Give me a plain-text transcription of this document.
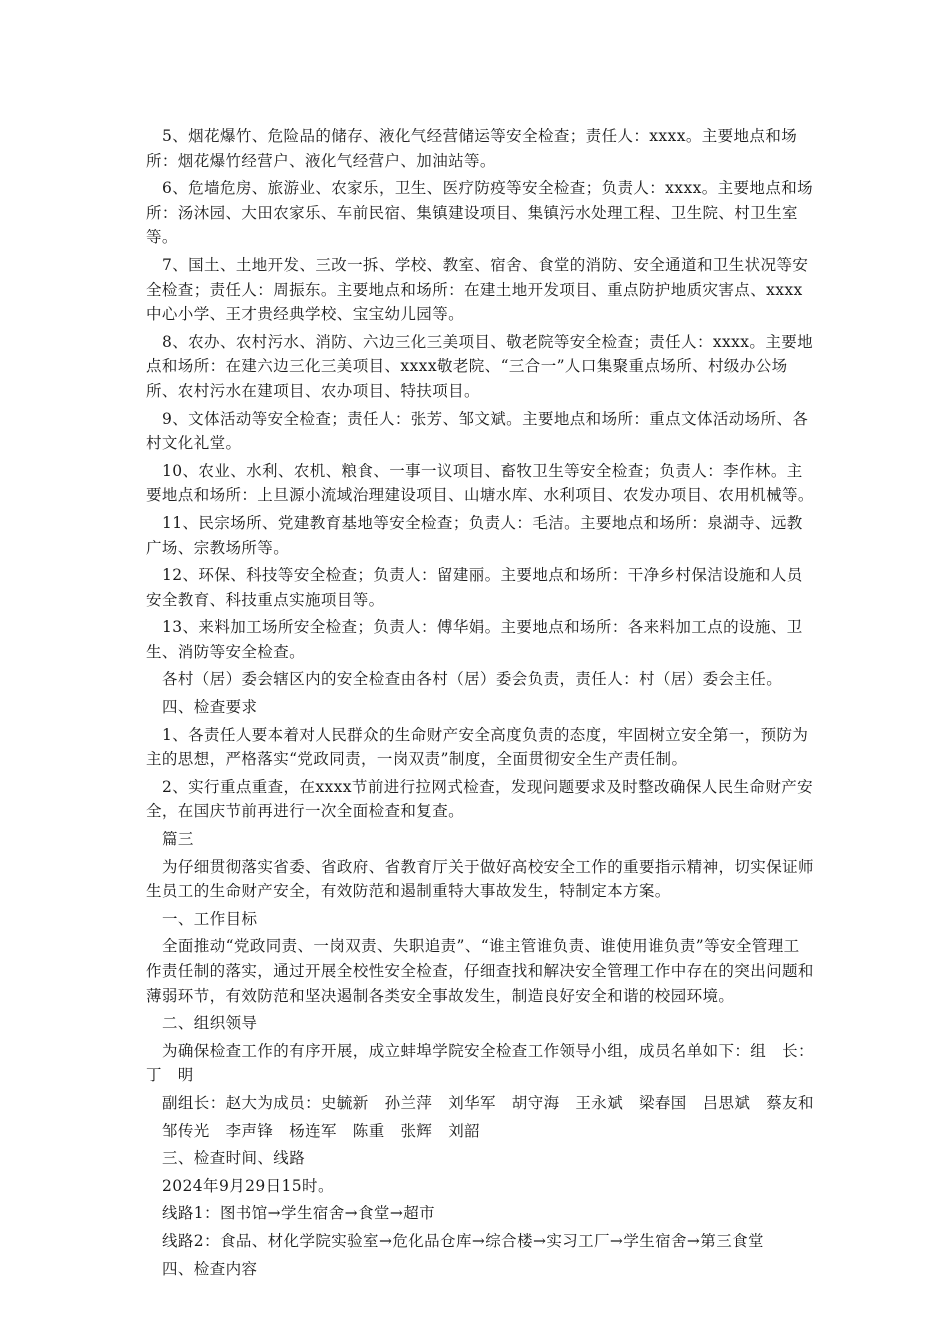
5、烟花爆竹、危险品的储存、液化气经营储运等安全检查；责任人：xxxx。主要地点和场所：烟花爆竹经营户、液化气经营户、加油站等。

6、危墙危房、旅游业、农家乐，卫生、医疗防疫等安全检查；负责人：xxxx。主要地点和场所：汤沐园、大田农家乐、车前民宿、集镇建设项目、集镇污水处理工程、卫生院、村卫生室等。

7、国土、土地开发、三改一拆、学校、教室、宿舍、食堂的消防、安全通道和卫生状况等安全检查；责任人：周振东。主要地点和场所：在建土地开发项目、重点防护地质灾害点、xxxx中心小学、王才贵经典学校、宝宝幼儿园等。

8、农办、农村污水、消防、六边三化三美项目、敬老院等安全检查；责任人：xxxx。主要地点和场所：在建六边三化三美项目、xxxx敬老院、“三合一”人口集聚重点场所、村级办公场所、农村污水在建项目、农办项目、特扶项目。

9、文体活动等安全检查；责任人：张芳、邹文斌。主要地点和场所：重点文体活动场所、各村文化礼堂。

10、农业、水利、农机、粮食、一事一议项目、畜牧卫生等安全检查；负责人：李作林。主要地点和场所：上旦源小流域治理建设项目、山塘水库、水利项目、农发办项目、农用机械等。

11、民宗场所、党建教育基地等安全检查；负责人：毛洁。主要地点和场所：泉湖寺、远教广场、宗教场所等。

12、环保、科技等安全检查；负责人：留建丽。主要地点和场所：干净乡村保洁设施和人员安全教育、科技重点实施项目等。

13、来料加工场所安全检查；负责人：傅华娟。主要地点和场所：各来料加工点的设施、卫生、消防等安全检查。

各村（居）委会辖区内的安全检查由各村（居）委会负责，责任人：村（居）委会主任。

四、检查要求

1、各责任人要本着对人民群众的生命财产安全高度负责的态度，牢固树立安全第一，预防为主的思想，严格落实“党政同责，一岗双责”制度，全面贯彻安全生产责任制。

2、实行重点重查，在xxxx节前进行拉网式检查，发现问题要求及时整改确保人民生命财产安全，在国庆节前再进行一次全面检查和复查。

篇三

为仔细贯彻落实省委、省政府、省教育厅关于做好高校安全工作的重要指示精神，切实保证师生员工的生命财产安全，有效防范和遏制重特大事故发生，特制定本方案。

一、工作目标

全面推动“党政同责、一岗双责、失职追责”、“谁主管谁负责、谁使用谁负责”等安全管理工作责任制的落实，通过开展全校性安全检查，仔细查找和解决安全管理工作中存在的突出问题和薄弱环节，有效防范和坚决遏制各类安全事故发生，制造良好安全和谐的校园环境。

二、组织领导

为确保检查工作的有序开展，成立蚌埠学院安全检查工作领导小组，成员名单如下：组　长：丁　明

副组长：赵大为成员：史毓新　孙兰萍　刘华军　胡守海　王永斌　梁春国　吕思斌　蔡友和

邹传光　李声锋　杨连军　陈重　张辉　刘韶

三、检查时间、线路

2024年9月29日15时。

线路1：图书馆→学生宿舍→食堂→超市

线路2：食品、材化学院实验室→危化品仓库→综合楼→实习工厂→学生宿舍→第三食堂

四、检查内容
